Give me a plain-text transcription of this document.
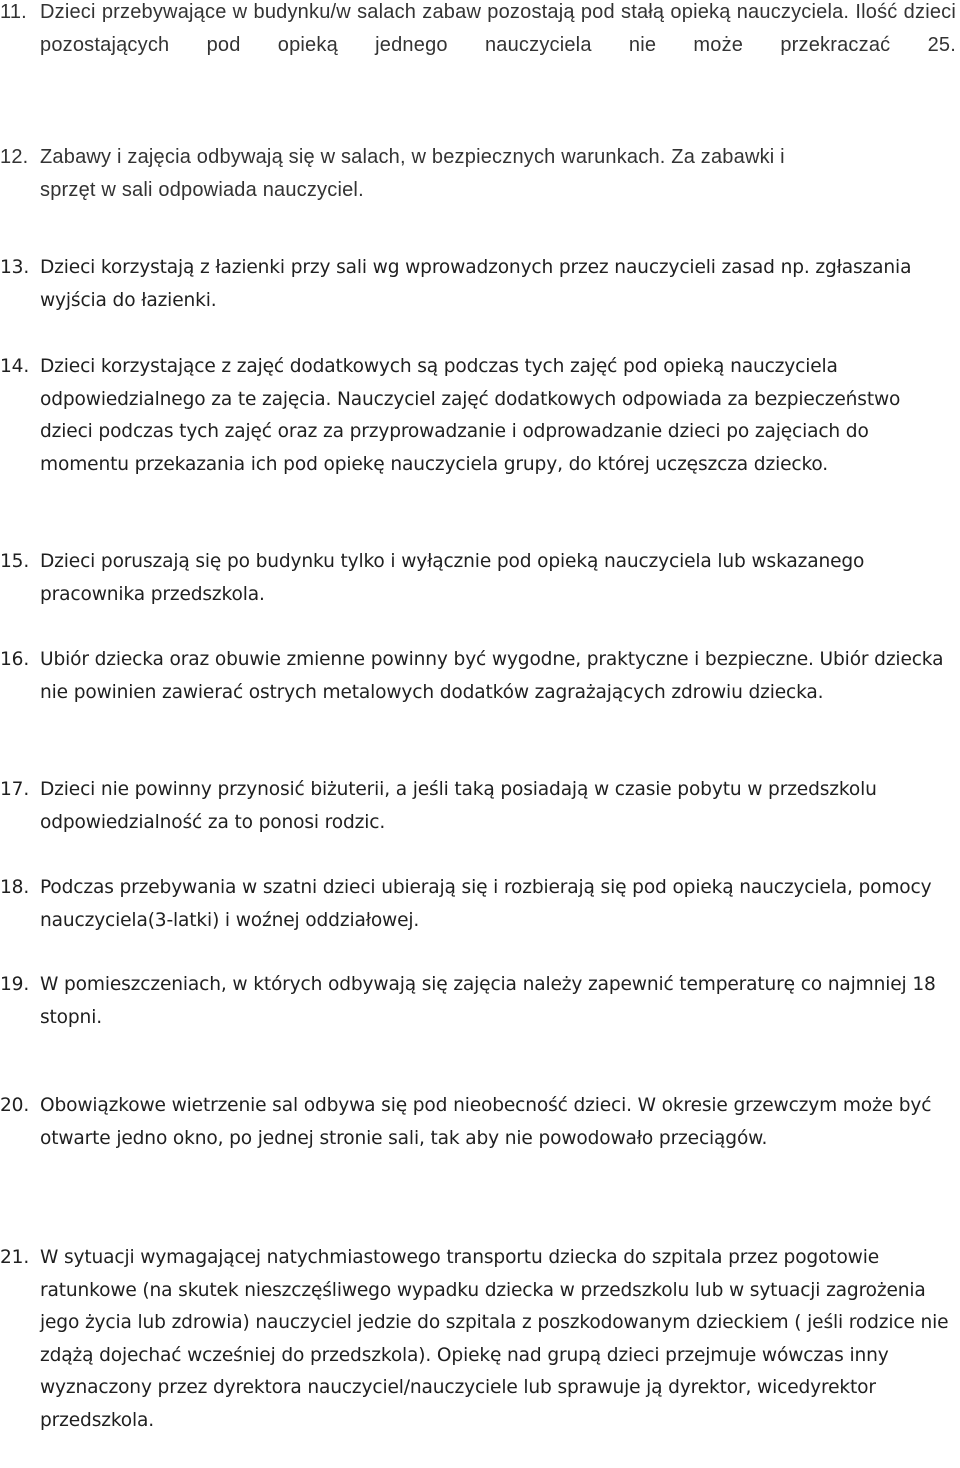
11. Dzieci przebywające w budynku/w salach zabaw pozostają pod stałą opieką nauczyciela. Ilość dzieci pozostających pod opieką jednego nauczyciela nie może przekraczać 25.
12. Zabawy i zajęcia odbywają się w salach, w bezpiecznych warunkach. Za zabawki i sprzęt w sali odpowiada nauczyciel.
13. Dzieci korzystają z łazienki przy sali wg wprowadzonych przez nauczycieli zasad np. zgłaszania wyjścia do łazienki.
14. Dzieci korzystające z zajęć dodatkowych są podczas tych zajęć pod opieką nauczyciela odpowiedzialnego za te zajęcia. Nauczyciel zajęć dodatkowych odpowiada za bezpieczeństwo dzieci podczas tych zajęć oraz za przyprowadzanie i odprowadzanie dzieci po zajęciach do momentu przekazania ich pod opiekę nauczyciela grupy, do której uczęszcza dziecko.
15. Dzieci poruszają się po budynku tylko i wyłącznie pod opieką nauczyciela lub wskazanego pracownika przedszkola.
16. Ubiór dziecka oraz obuwie zmienne powinny być wygodne, praktyczne i bezpieczne. Ubiór dziecka nie powinien zawierać ostrych metalowych dodatków zagrażających zdrowiu dziecka.
17. Dzieci nie powinny przynosić biżuterii, a jeśli taką posiadają w czasie pobytu w przedszkolu odpowiedzialność za to ponosi rodzic.
18. Podczas przebywania w szatni dzieci ubierają się i rozbierają się pod opieką nauczyciela, pomocy nauczyciela(3-latki) i woźnej oddziałowej.
19. W pomieszczeniach, w których odbywają się zajęcia należy zapewnić temperaturę co najmniej 18 stopni.
20. Obowiązkowe wietrzenie sal odbywa się pod nieobecność dzieci. W okresie grzewczym może być otwarte jedno okno, po jednej stronie sali, tak aby nie powodowało przeciągów.
21. W sytuacji wymagającej natychmiastowego transportu dziecka do szpitala przez pogotowie ratunkowe (na skutek nieszczęśliwego wypadku dziecka w przedszkolu lub w sytuacji zagrożenia jego życia lub zdrowia) nauczyciel jedzie do szpitala z poszkodowanym dzieckiem ( jeśli rodzice nie zdążą dojechać wcześniej do przedszkola). Opiekę nad grupą dzieci przejmuje wówczas inny wyznaczony przez dyrektora nauczyciel/nauczyciele lub sprawuje ją dyrektor, wicedyrektor przedszkola.
